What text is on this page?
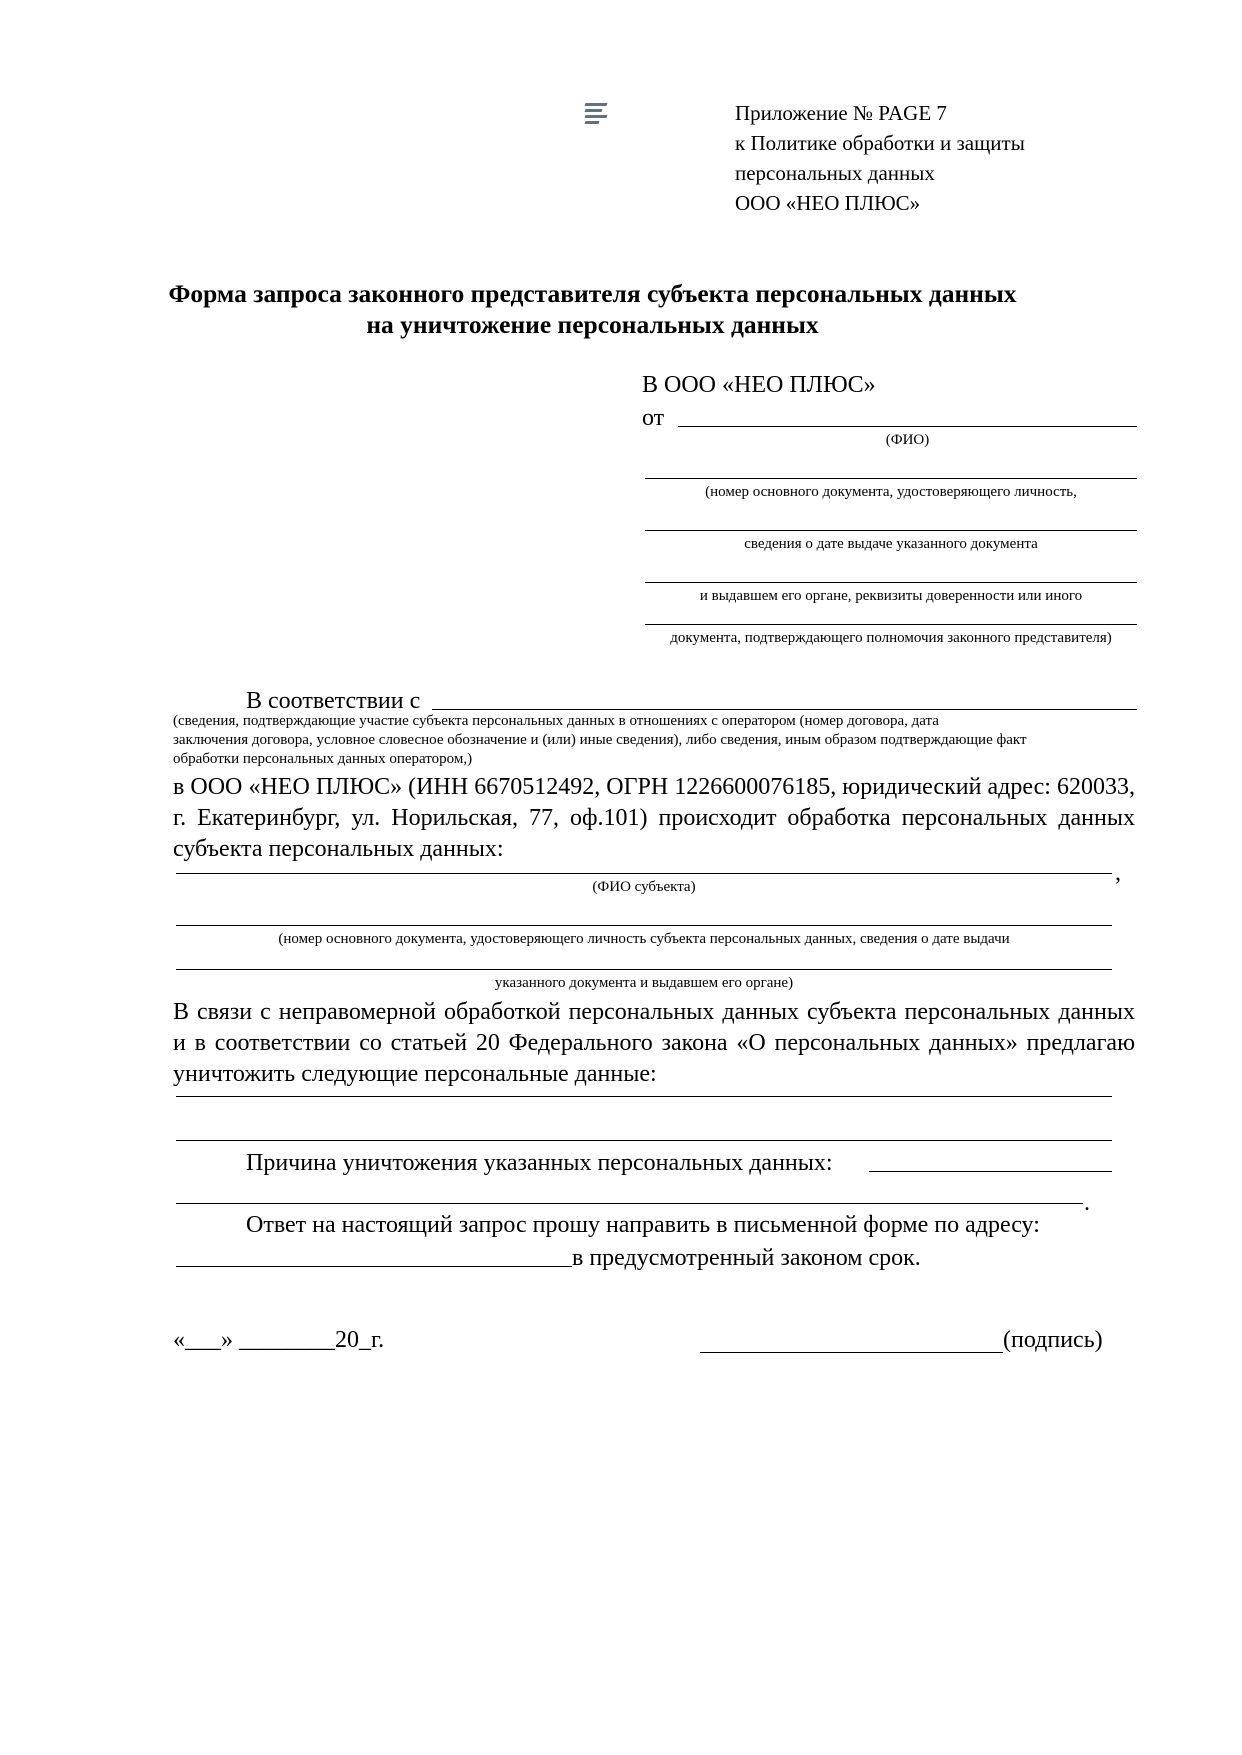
Приложение № PAGE 7
к Политике обработки и защиты
персональных данных
ООО «НЕО ПЛЮС»
Форма запроса законного представителя субъекта персональных данных
на уничтожение персональных данных
В ООО «НЕО ПЛЮС»
от
(ФИО)
(номер основного документа, удостоверяющего личность,
сведения о дате выдаче указанного документа
и выдавшем его органе, реквизиты доверенности или иного
документа, подтверждающего полномочия законного представителя)
В соответствии с
(сведения, подтверждающие участие субъекта персональных данных в отношениях с оператором (номер договора, дата
заключения договора, условное словесное обозначение и (или) иные сведения), либо сведения, иным образом подтверждающие факт
обработки персональных данных оператором,)
в ООО «НЕО ПЛЮС» (ИНН 6670512492, ОГРН 1226600076185, юридический адрес: 620033, г. Екатеринбург, ул. Норильская, 77, оф.101) происходит обработка персональных данных субъекта персональных данных:
,
(ФИО субъекта)
(номер основного документа, удостоверяющего личность субъекта персональных данных, сведения о дате выдачи
указанного документа и выдавшем его органе)
В связи с неправомерной обработкой персональных данных субъекта персональных данных и в соответствии со статьей 20 Федерального закона «О персональных данных» предлагаю уничтожить следующие персональные данные:
Причина уничтожения указанных персональных данных:
.
Ответ на настоящий запрос прошу направить в письменной форме по адресу:
в предусмотренный законом срок.
«___» ________20_г.	(подпись)
